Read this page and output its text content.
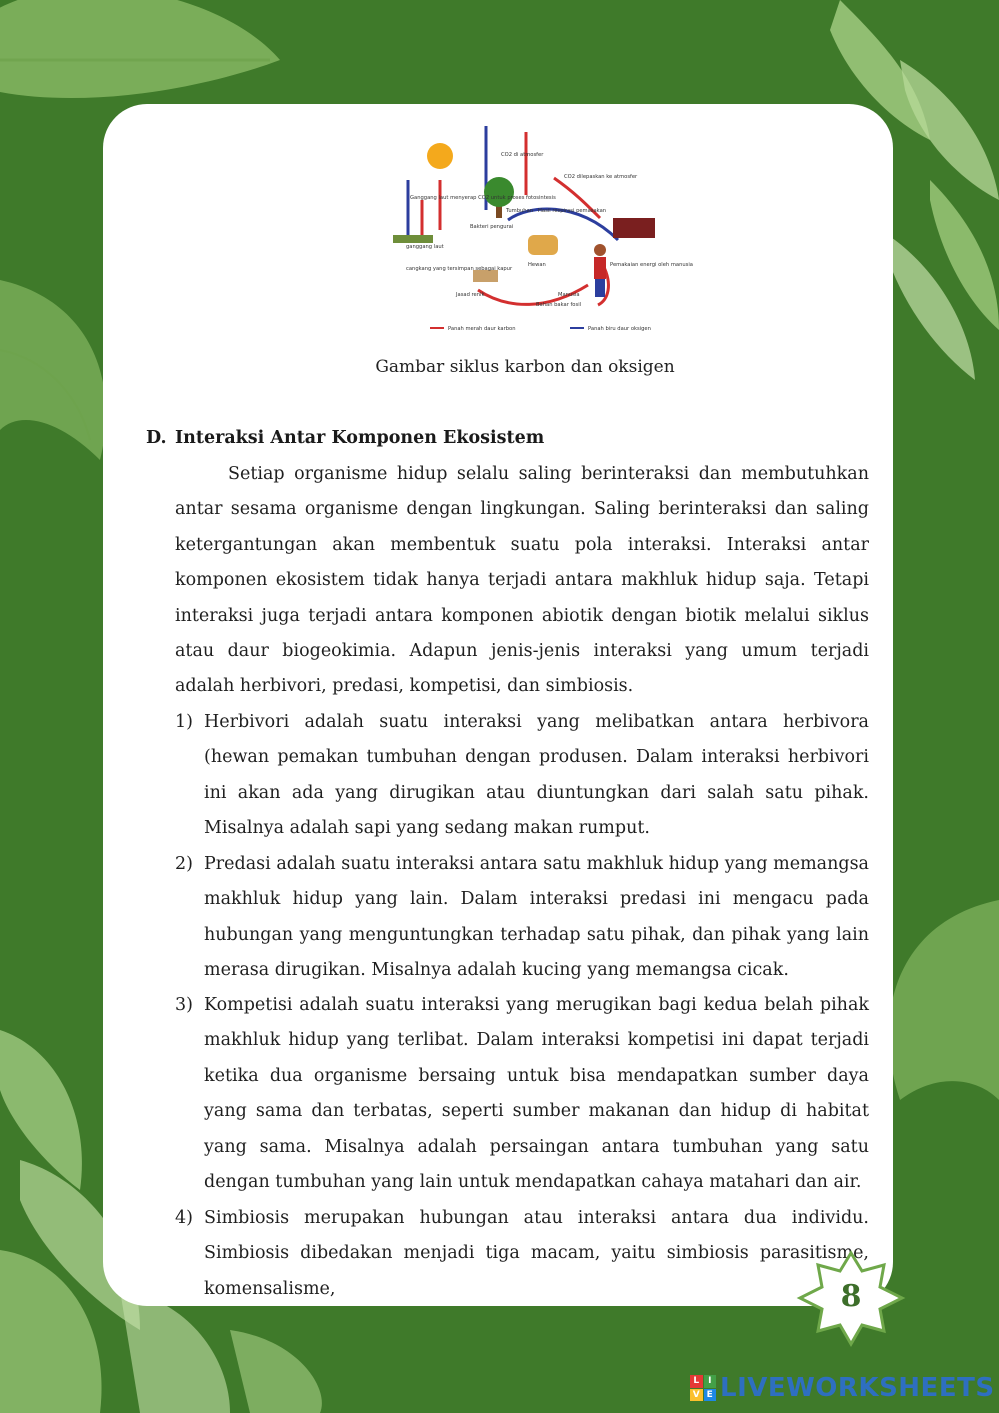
CO2 di atmosfer
CO2 dilepaskan ke atmosfer
Ganggang laut menyerap CO2 untuk proses fotosintesis
Tumbuhan Hasil respirasi pemasakan
Bakteri pengurai
ganggang laut
Hewan	Pemakaian energi oleh manusia
cangkang yang tersimpan sebagai kapur
Jasad renik	Manusia
Bahan bakar fosil
Panah merah daur karbon	Panah biru daur oksigen
Gambar siklus karbon dan oksigen
D. Interaksi Antar Komponen Ekosistem

Setiap organisme hidup selalu saling berinteraksi dan membutuhkan antar sesama organisme dengan lingkungan. Saling berinteraksi dan saling ketergantungan akan membentuk suatu pola interaksi. Interaksi antar komponen ekosistem tidak hanya terjadi antara makhluk hidup saja. Tetapi interaksi juga terjadi antara komponen abiotik dengan biotik melalui siklus atau daur biogeokimia. Adapun jenis-jenis interaksi yang umum terjadi adalah herbivori, predasi, kompetisi, dan simbiosis.

1) Herbivori adalah suatu interaksi yang melibatkan antara herbivora (hewan pemakan tumbuhan dengan produsen. Dalam interaksi herbivori ini akan ada yang dirugikan atau diuntungkan dari salah satu pihak. Misalnya adalah sapi yang sedang makan rumput.
2) Predasi adalah suatu interaksi antara satu makhluk hidup yang memangsa makhluk hidup yang lain. Dalam interaksi predasi ini mengacu pada hubungan yang menguntungkan terhadap satu pihak, dan pihak yang lain merasa dirugikan. Misalnya adalah kucing yang memangsa cicak.
3) Kompetisi adalah suatu interaksi yang merugikan bagi kedua belah pihak makhluk hidup yang terlibat. Dalam interaksi kompetisi ini dapat terjadi ketika dua organisme bersaing untuk bisa mendapatkan sumber daya yang sama dan terbatas, seperti sumber makanan dan hidup di habitat yang sama. Misalnya adalah persaingan antara tumbuhan yang satu dengan tumbuhan yang lain untuk mendapatkan cahaya matahari dan air.
4) Simbiosis merupakan hubungan atau interaksi antara dua individu. Simbiosis dibedakan menjadi tiga macam, yaitu simbiosis parasitisme, komensalisme,	8
L I
V E LIVEWORKSHEETS
